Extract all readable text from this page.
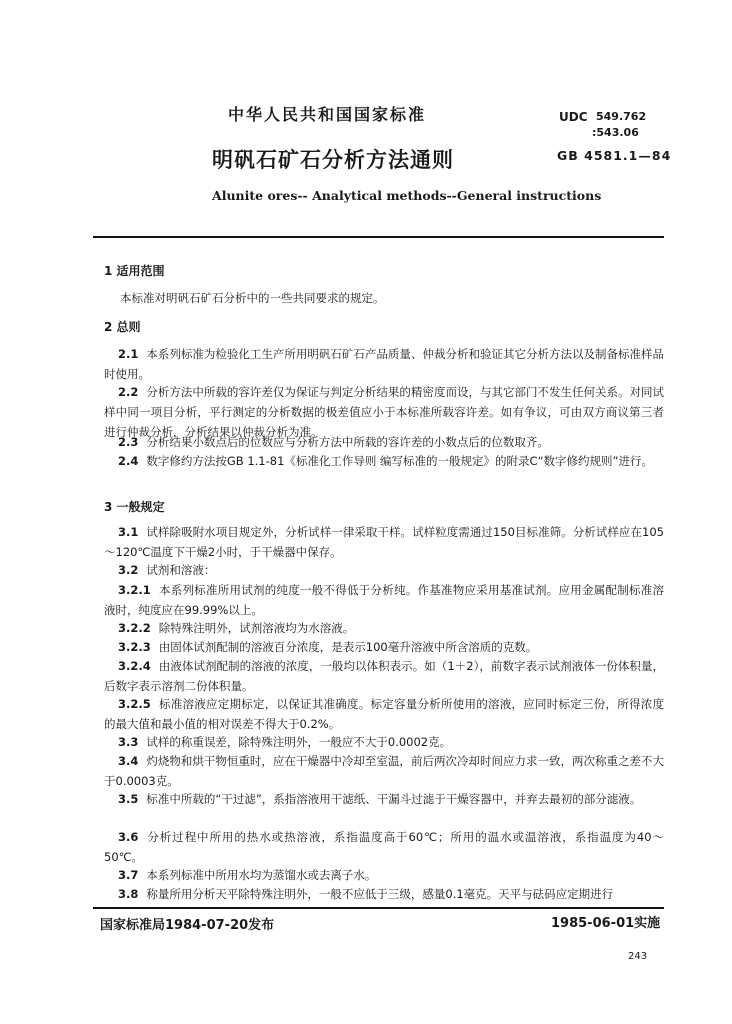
中华人民共和国国家标准	UDC 549.762
:543.06
明矾石矿石分析方法通则	GB 4581.1—84
Alunite ores-- Analytical methods--General instructions
1 适用范围
本标准对明矾石矿石分析中的一些共同要求的规定。
2 总则
2.1 本系列标准为检验化工生产所用明矾石矿石产品质量、仲裁分析和验证其它分析方法以及制备标准样品时使用。
2.2 分析方法中所载的容许差仅为保证与判定分析结果的精密度而设，与其它部门不发生任何关系。对同试样中同一项目分析，平行测定的分析数据的极差值应小于本标准所载容许差。如有争议，可由双方商议第三者进行仲裁分析，分析结果以仲裁分析为准。
2.3 分析结果小数点后的位数应与分析方法中所载的容许差的小数点后的位数取齐。
2.4 数字修约方法按GB 1.1-81《标准化工作导则 编写标准的一般规定》的附录C“数字修约规则”进行。
3 一般规定
3.1 试样除吸附水项目规定外，分析试样一律采取干样。试样粒度需通过150目标准筛。分析试样应在105～120℃温度下干燥2小时，于干燥器中保存。
3.2 试剂和溶液：
3.2.1 本系列标准所用试剂的纯度一般不得低于分析纯。作基准物应采用基准试剂。应用金属配制标准溶液时，纯度应在99.99%以上。
3.2.2 除特殊注明外，试剂溶液均为水溶液。
3.2.3 由固体试剂配制的溶液百分浓度，是表示100毫升溶液中所含溶质的克数。
3.2.4 由液体试剂配制的溶液的浓度，一般均以体积表示。如（1＋2），前数字表示试剂液体一份体积量，后数字表示溶剂二份体积量。
3.2.5 标准溶液应定期标定，以保证其准确度。标定容量分析所使用的溶液，应同时标定三份，所得浓度的最大值和最小值的相对误差不得大于0.2%。
3.3 试样的称重误差，除特殊注明外，一般应不大于0.0002克。
3.4 灼烧物和烘干物恒重时，应在干燥器中冷却至室温，前后两次冷却时间应力求一致，两次称重之差不大于0.0003克。
3.5 标准中所载的“干过滤”，系指溶液用干滤纸、干漏斗过滤于干燥容器中，并弃去最初的部分滤液。
3.6 分析过程中所用的热水或热溶液，系指温度高于60℃；所用的温水或温溶液，系指温度为40～50℃。
3.7 本系列标准中所用水均为蒸馏水或去离子水。
3.8 称量所用分析天平除特殊注明外，一般不应低于三级，感量0.1毫克。天平与砝码应定期进行
国家标准局1984-07-20发布	1985-06-01实施
243
